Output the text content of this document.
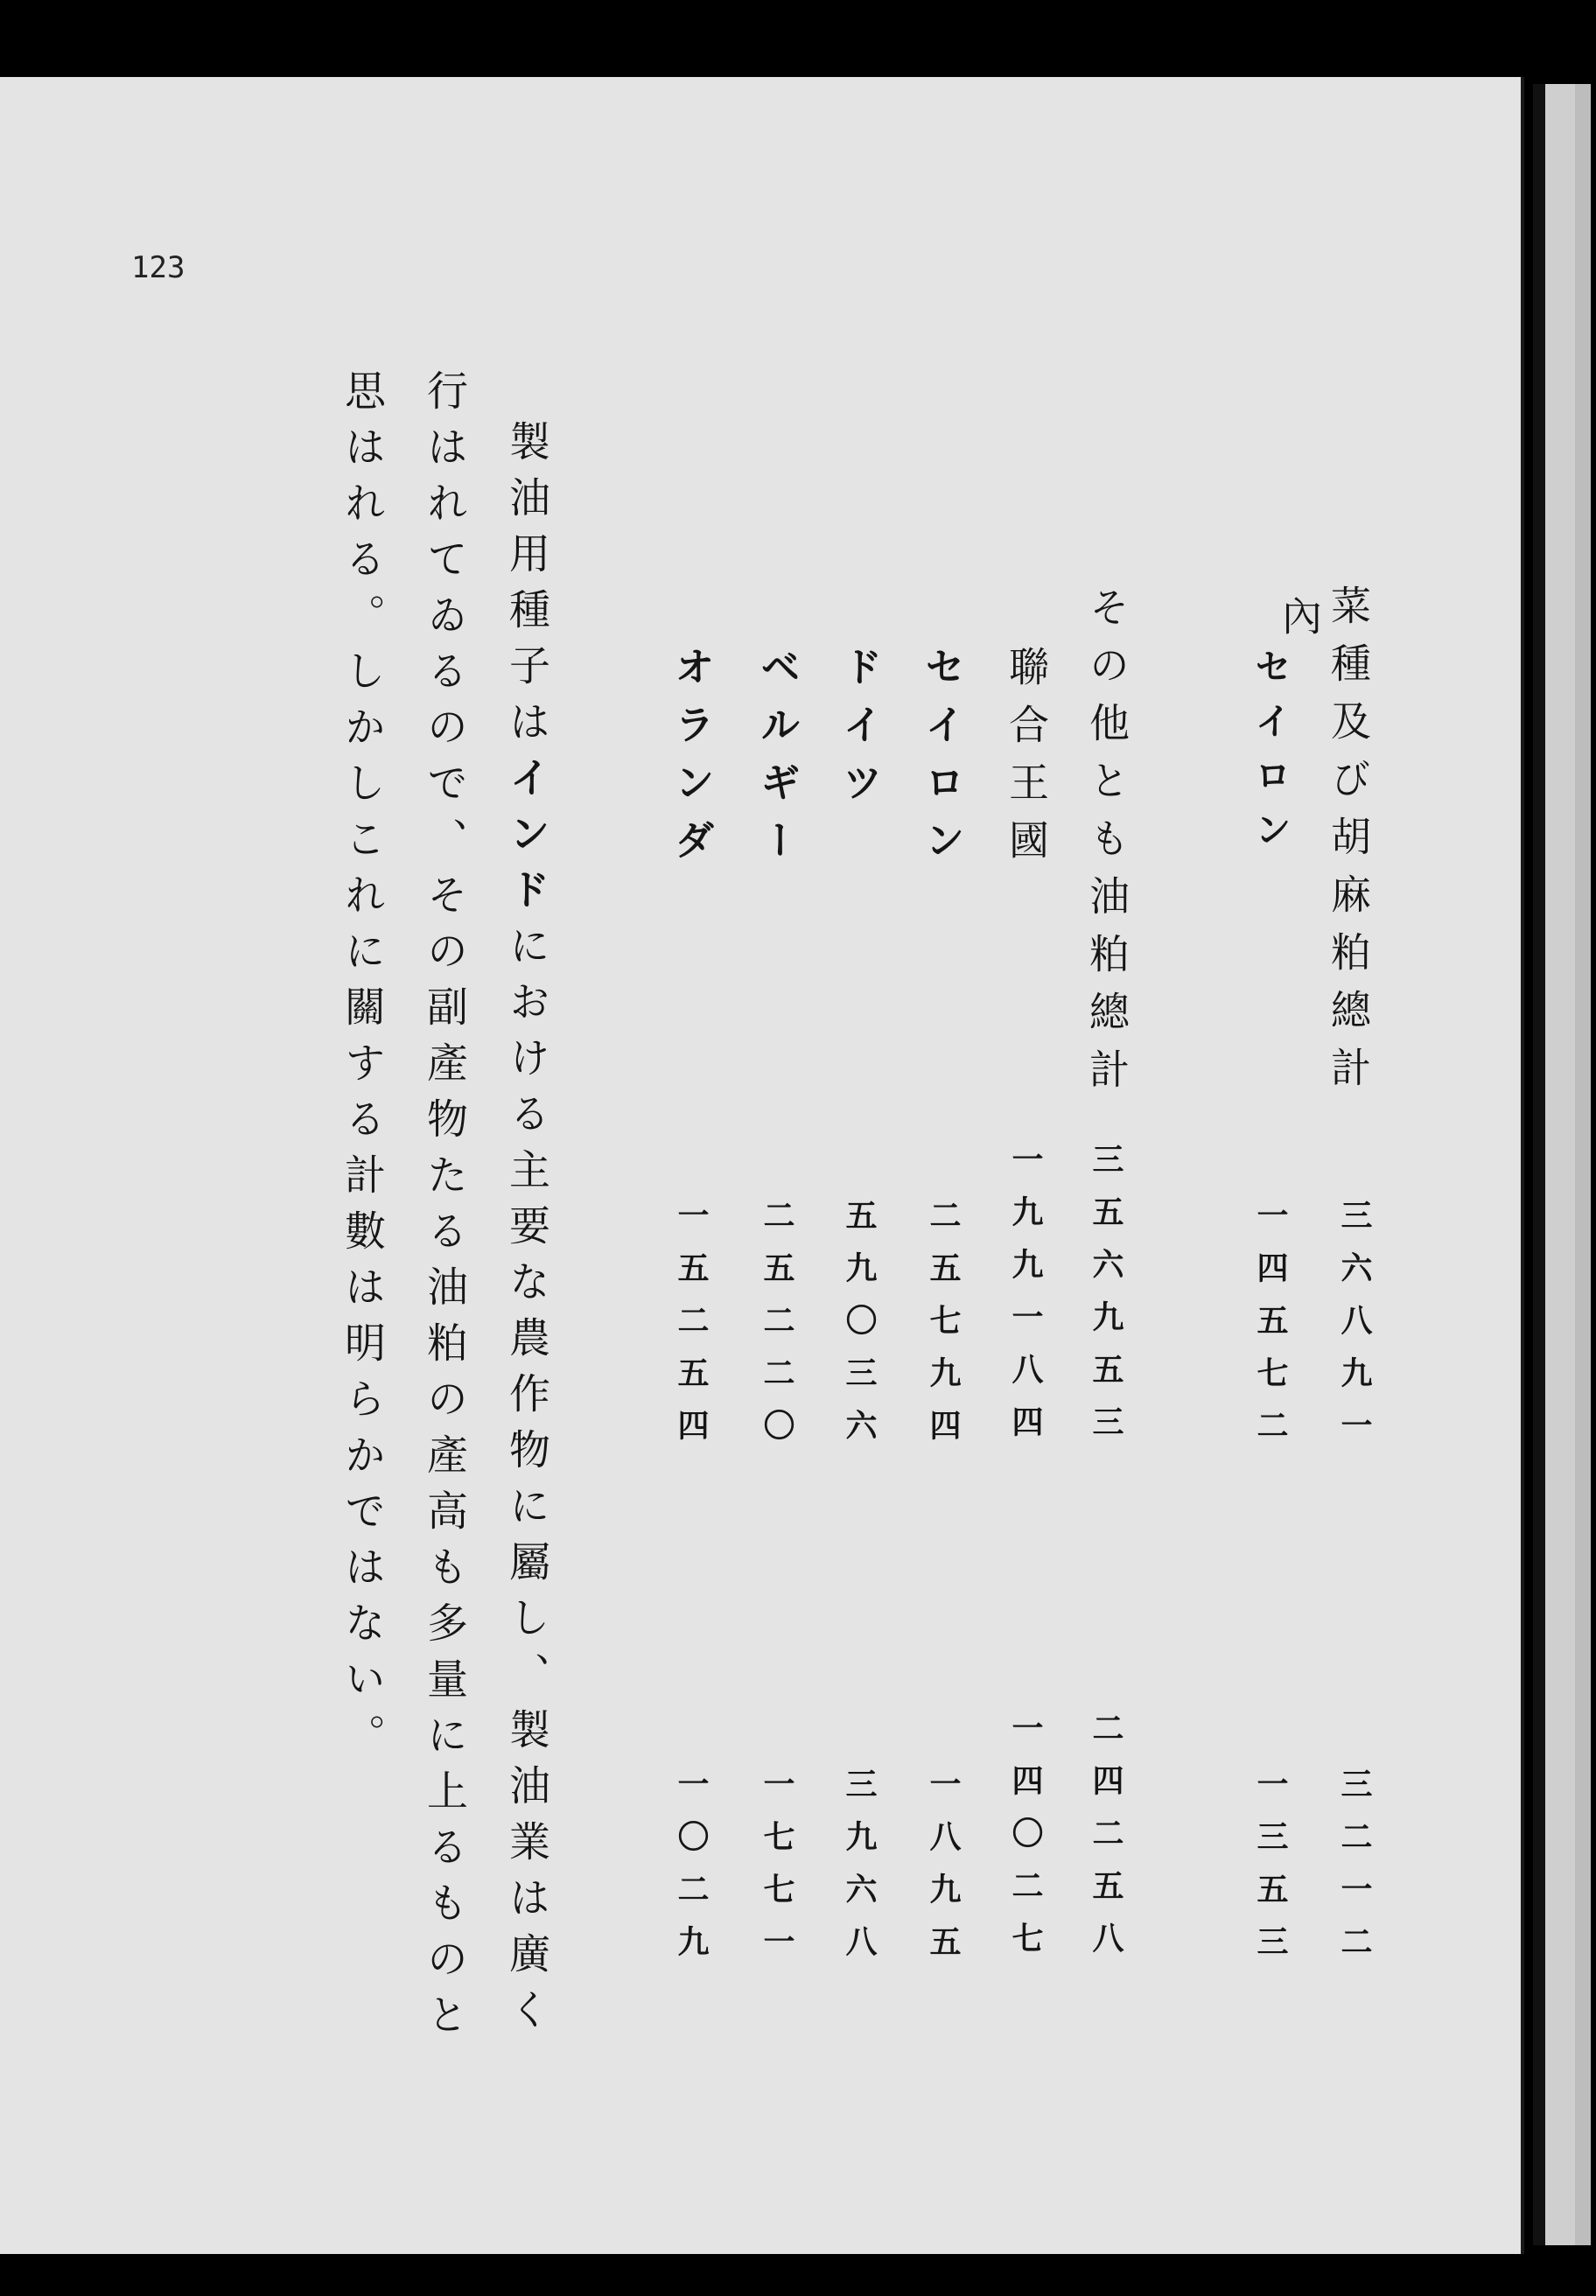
123
菜種及び胡麻粕總計
三六八九一
三二一二
內
セイロン
一四五七二
一三五三
その他とも油粕總計
三五六九五三
二四二五八
聯合王國
一九九一八四
一四〇二七
セイロン
二五七九四
一八九五
ドイツ
五九〇三六
三九六八
ベルギー
二五二二〇
一七七一
オランダ
一五二五四
一〇二九
製油用種子はインドにおける主要な農作物に屬し、製油業は廣く
行はれてゐるので、その副產物たる油粕の產高も多量に上るものと
思はれる。しかしこれに關する計數は明らかではない。
